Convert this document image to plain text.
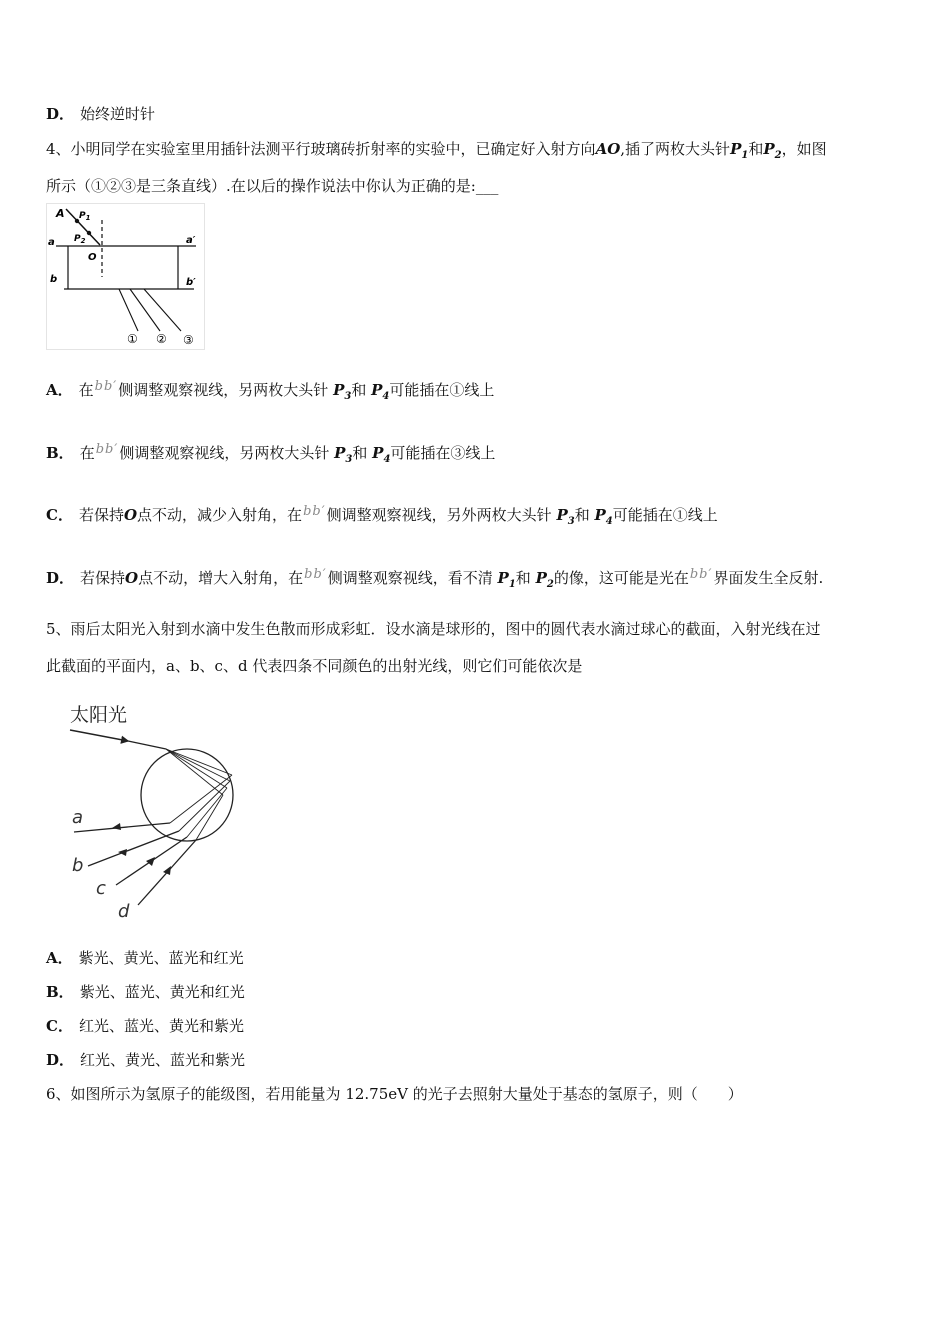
D． 始终逆时针
4、小明同学在实验室里用插针法测平行玻璃砖折射率的实验中，已确定好入射方向AO,插了两枚大头针$P_1$和$P_2$，如图
所示（①②③是三条直线）.在以后的操作说法中你认为正确的是:___
A $P_1$
$P_2$
O
a	a′
b	b′
① ② ③
A． 在bb′侧调整观察视线，另两枚大头针 $P_3$和 $P_4$可能插在①线上
B． 在bb′侧调整观察视线，另两枚大头针 $P_3$和 $P_4$可能插在③线上
C． 若保持O点不动，减少入射角，在bb′侧调整观察视线，另外两枚大头针 $P_3$和 $P_4$可能插在①线上
D． 若保持O点不动，增大入射角，在bb′侧调整观察视线，看不清 $P_1$和 $P_2$的像，这可能是光在bb′界面发生全反射.
5、雨后太阳光入射到水滴中发生色散而形成彩虹．设水滴是球形的，图中的圆代表水滴过球心的截面，入射光线在过
此截面的平面内，a、b、c、d 代表四条不同颜色的出射光线，则它们可能依次是
太阳光
a
b
c
d
A． 紫光、黄光、蓝光和红光
B． 紫光、蓝光、黄光和红光
C． 红光、蓝光、黄光和紫光
D． 红光、黄光、蓝光和紫光
6、如图所示为氢原子的能级图，若用能量为 12.75eV 的光子去照射大量处于基态的氢原子，则（　　）
